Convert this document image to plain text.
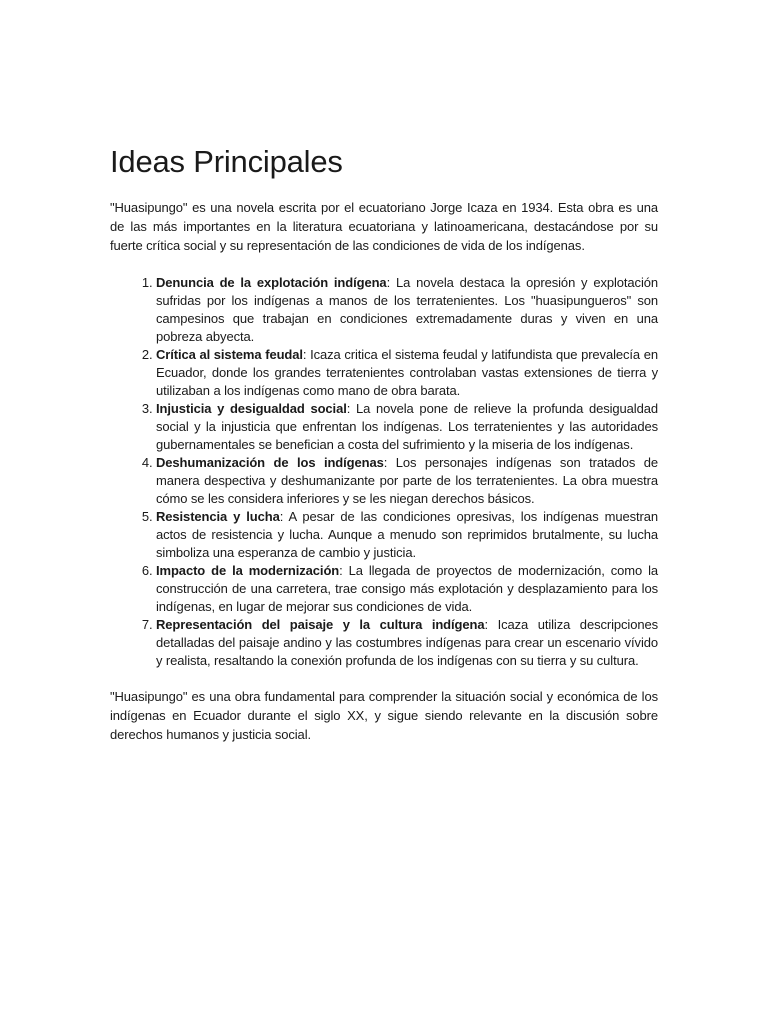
Ideas Principales

"Huasipungo" es una novela escrita por el ecuatoriano Jorge Icaza en 1934. Esta obra es una de las más importantes en la literatura ecuatoriana y latinoamericana, destacándose por su fuerte crítica social y su representación de las condiciones de vida de los indígenas.

1. Denuncia de la explotación indígena: La novela destaca la opresión y explotación sufridas por los indígenas a manos de los terratenientes. Los "huasipungueros" son campesinos que trabajan en condiciones extremadamente duras y viven en una pobreza abyecta.
2. Crítica al sistema feudal: Icaza critica el sistema feudal y latifundista que prevalecía en Ecuador, donde los grandes terratenientes controlaban vastas extensiones de tierra y utilizaban a los indígenas como mano de obra barata.
3. Injusticia y desigualdad social: La novela pone de relieve la profunda desigualdad social y la injusticia que enfrentan los indígenas. Los terratenientes y las autoridades gubernamentales se benefician a costa del sufrimiento y la miseria de los indígenas.
4. Deshumanización de los indígenas: Los personajes indígenas son tratados de manera despectiva y deshumanizante por parte de los terratenientes. La obra muestra cómo se les considera inferiores y se les niegan derechos básicos.
5. Resistencia y lucha: A pesar de las condiciones opresivas, los indígenas muestran actos de resistencia y lucha. Aunque a menudo son reprimidos brutalmente, su lucha simboliza una esperanza de cambio y justicia.
6. Impacto de la modernización: La llegada de proyectos de modernización, como la construcción de una carretera, trae consigo más explotación y desplazamiento para los indígenas, en lugar de mejorar sus condiciones de vida.
7. Representación del paisaje y la cultura indígena: Icaza utiliza descripciones detalladas del paisaje andino y las costumbres indígenas para crear un escenario vívido y realista, resaltando la conexión profunda de los indígenas con su tierra y su cultura.

"Huasipungo" es una obra fundamental para comprender la situación social y económica de los indígenas en Ecuador durante el siglo XX, y sigue siendo relevante en la discusión sobre derechos humanos y justicia social.
